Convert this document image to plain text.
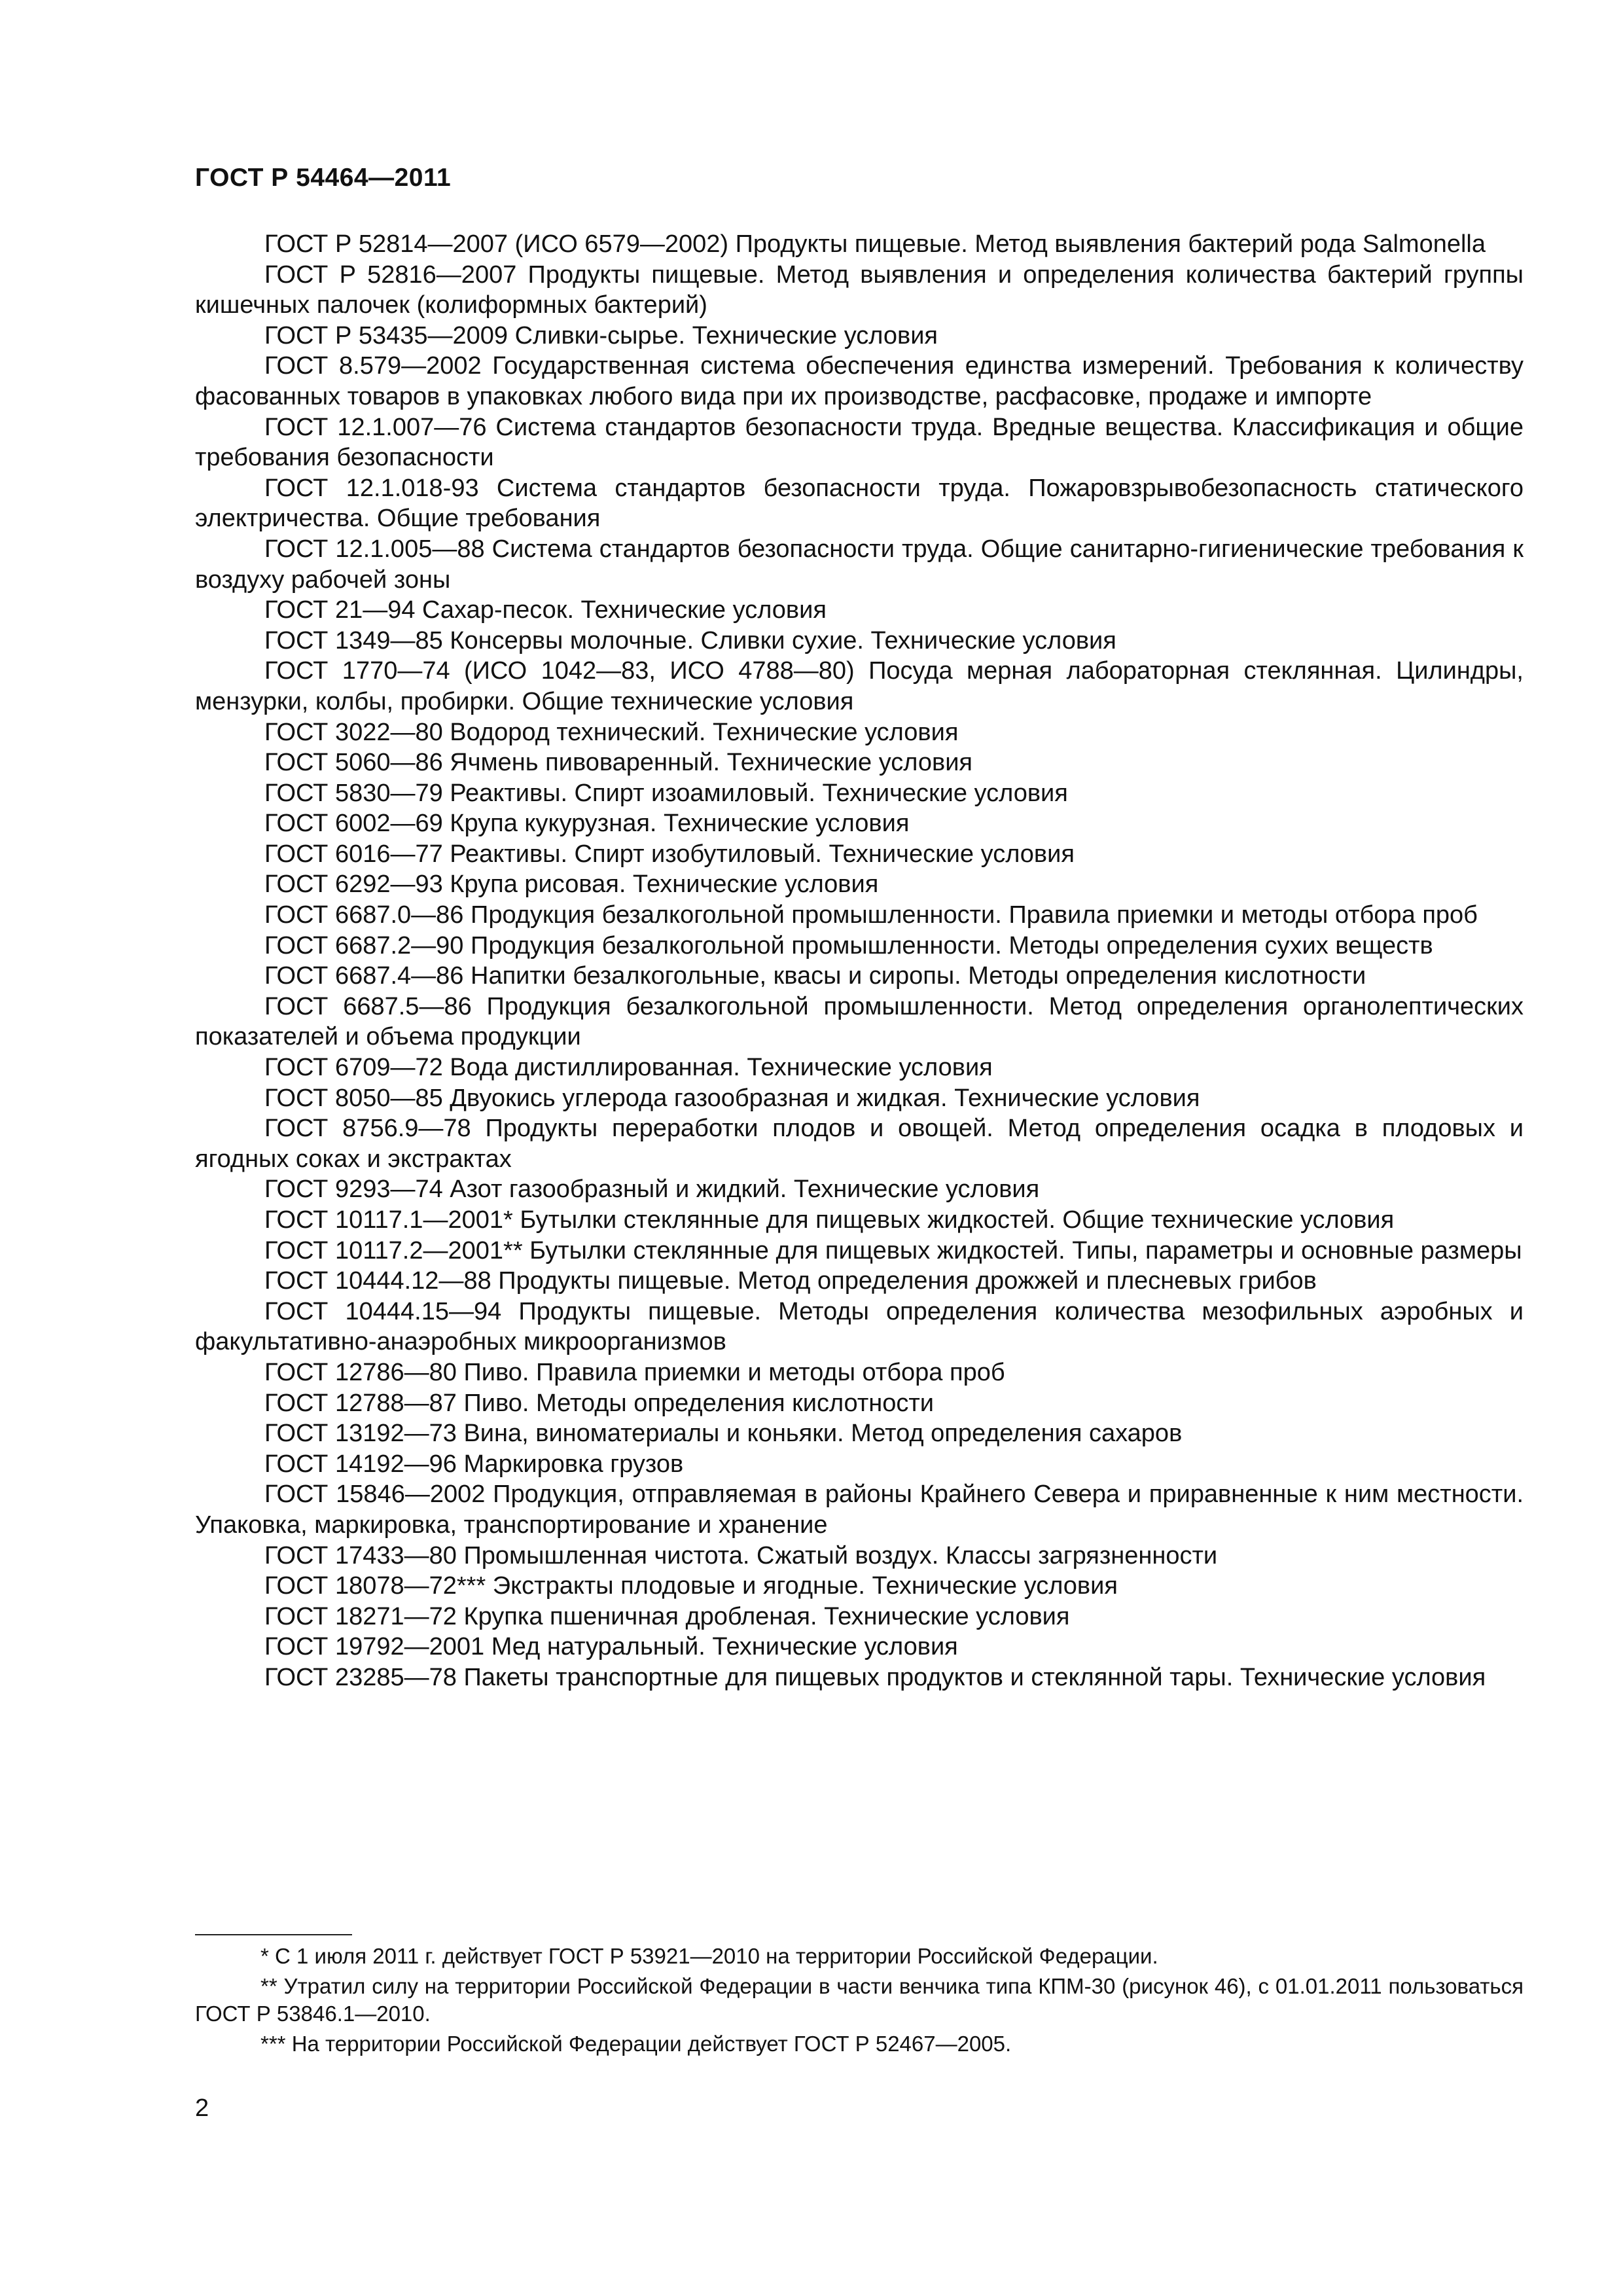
ГОСТ Р 54464—2011

ГОСТ Р 52814—2007 (ИСО 6579—2002) Продукты пищевые. Метод выявления бактерий рода Salmonella

ГОСТ Р 52816—2007 Продукты пищевые. Метод выявления и определения количества бактерий группы кишечных палочек (колиформных бактерий)

ГОСТ Р 53435—2009 Сливки-сырье. Технические условия

ГОСТ 8.579—2002 Государственная система обеспечения единства измерений. Требования к количеству фасованных товаров в упаковках любого вида при их производстве, расфасовке, продаже и импорте

ГОСТ 12.1.007—76 Система стандартов безопасности труда. Вредные вещества. Классификация и общие требования безопасности

ГОСТ 12.1.018-93 Система стандартов безопасности труда. Пожаровзрывобезопасность статического электричества. Общие требования

ГОСТ 12.1.005—88 Система стандартов безопасности труда. Общие санитарно-гигиенические требования к воздуху рабочей зоны

ГОСТ 21—94 Сахар-песок. Технические условия

ГОСТ 1349—85 Консервы молочные. Сливки сухие. Технические условия

ГОСТ 1770—74 (ИСО 1042—83, ИСО 4788—80) Посуда мерная лабораторная стеклянная. Цилиндры, мензурки, колбы, пробирки. Общие технические условия

ГОСТ 3022—80 Водород технический. Технические условия

ГОСТ 5060—86 Ячмень пивоваренный. Технические условия

ГОСТ 5830—79 Реактивы. Спирт изоамиловый. Технические условия

ГОСТ 6002—69 Крупа кукурузная. Технические условия

ГОСТ 6016—77 Реактивы. Спирт изобутиловый. Технические условия

ГОСТ 6292—93 Крупа рисовая. Технические условия

ГОСТ 6687.0—86 Продукция безалкогольной промышленности. Правила приемки и методы отбора проб

ГОСТ 6687.2—90 Продукция безалкогольной промышленности. Методы определения сухих веществ

ГОСТ 6687.4—86 Напитки безалкогольные, квасы и сиропы. Методы определения кислотности

ГОСТ 6687.5—86 Продукция безалкогольной промышленности. Метод определения органолептических показателей и объема продукции

ГОСТ 6709—72 Вода дистиллированная. Технические условия

ГОСТ 8050—85 Двуокись углерода газообразная и жидкая. Технические условия

ГОСТ 8756.9—78 Продукты переработки плодов и овощей. Метод определения осадка в плодовых и ягодных соках и экстрактах

ГОСТ 9293—74 Азот газообразный и жидкий. Технические условия

ГОСТ 10117.1—2001* Бутылки стеклянные для пищевых жидкостей. Общие технические условия

ГОСТ 10117.2—2001** Бутылки стеклянные для пищевых жидкостей. Типы, параметры и основные размеры

ГОСТ 10444.12—88 Продукты пищевые. Метод определения дрожжей и плесневых грибов

ГОСТ 10444.15—94 Продукты пищевые. Методы определения количества мезофильных аэробных и факультативно-анаэробных микроорганизмов

ГОСТ 12786—80 Пиво. Правила приемки и методы отбора проб

ГОСТ 12788—87 Пиво. Методы определения кислотности

ГОСТ 13192—73 Вина, виноматериалы и коньяки. Метод определения сахаров

ГОСТ 14192—96 Маркировка грузов

ГОСТ 15846—2002 Продукция, отправляемая в районы Крайнего Севера и приравненные к ним местности. Упаковка, маркировка, транспортирование и хранение

ГОСТ 17433—80 Промышленная чистота. Сжатый воздух. Классы загрязненности

ГОСТ 18078—72*** Экстракты плодовые и ягодные. Технические условия

ГОСТ 18271—72 Крупка пшеничная дробленая. Технические условия

ГОСТ 19792—2001 Мед натуральный. Технические условия

ГОСТ 23285—78 Пакеты транспортные для пищевых продуктов и стеклянной тары. Технические условия

* С 1 июля 2011 г. действует ГОСТ Р 53921—2010 на территории Российской Федерации.

** Утратил силу на территории Российской Федерации в части венчика типа КПМ-30 (рисунок 46), с 01.01.2011 пользоваться ГОСТ Р 53846.1—2010.

*** На территории Российской Федерации действует ГОСТ Р 52467—2005.

2
